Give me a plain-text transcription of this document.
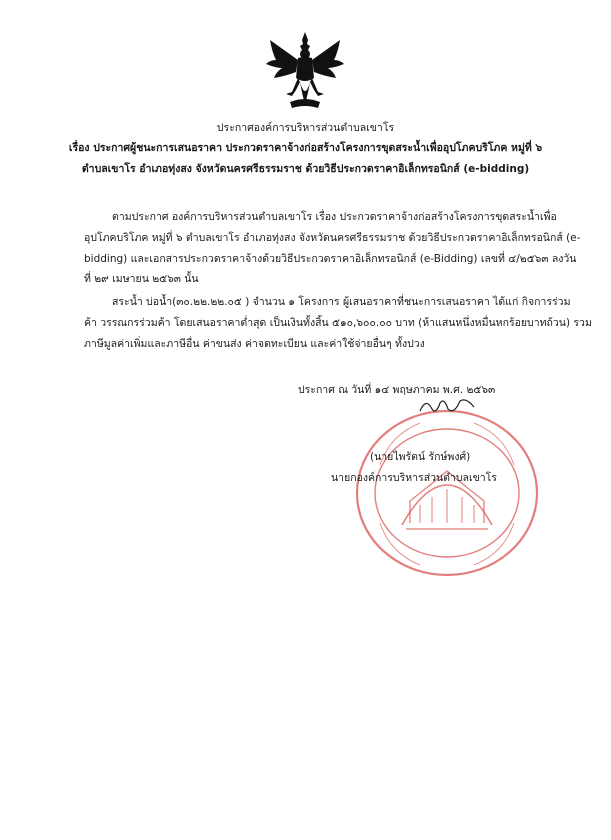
ประกาศองค์การบริหารส่วนตำบลเขาโร
เรื่อง ประกาศผู้ชนะการเสนอราคา ประกวดราคาจ้างก่อสร้างโครงการขุดสระน้ำเพื่ออุปโภคบริโภค หมู่ที่ ๖
ตำบลเขาโร อำเภอทุ่งสง จังหวัดนครศรีธรรมราช ด้วยวิธีประกวดราคาอิเล็กทรอนิกส์ (e-bidding)
ตามประกาศ องค์การบริหารส่วนตำบลเขาโร เรื่อง ประกวดราคาจ้างก่อสร้างโครงการขุดสระน้ำเพื่อ
อุปโภคบริโภค หมู่ที่ ๖ ตำบลเขาโร อำเภอทุ่งสง จังหวัดนครศรีธรรมราช ด้วยวิธีประกวดราคาอิเล็กทรอนิกส์ (e-
bidding) และเอกสารประกวดราคาจ้างด้วยวิธีประกวดราคาอิเล็กทรอนิกส์ (e-Bidding) เลขที่ ๔/๒๕๖๓ ลงวัน
ที่ ๒๙ เมษายน ๒๕๖๓ นั้น
สระน้ำ บ่อน้ำ(๓๐.๒๒.๒๒.๐๕ ) จำนวน ๑ โครงการ ผู้เสนอราคาที่ชนะการเสนอราคา ได้แก่ กิจการร่วม
ค้า วรรณกรร่วมค้า โดยเสนอราคาต่ำสุด เป็นเงินทั้งสิ้น ๕๑๐,๖๐๐.๐๐ บาท (ห้าแสนหนึ่งหมื่นหกร้อยบาทถ้วน) รวม
ภาษีมูลค่าเพิ่มและภาษีอื่น ค่าขนส่ง ค่าจดทะเบียน และค่าใช้จ่ายอื่นๆ ทั้งปวง
ประกาศ ณ วันที่ ๑๔ พฤษภาคม พ.ศ. ๒๕๖๓
(นายไพรัตน์ รักษ์พงศ์)
นายกองค์การบริหารส่วนตำบลเขาโร
